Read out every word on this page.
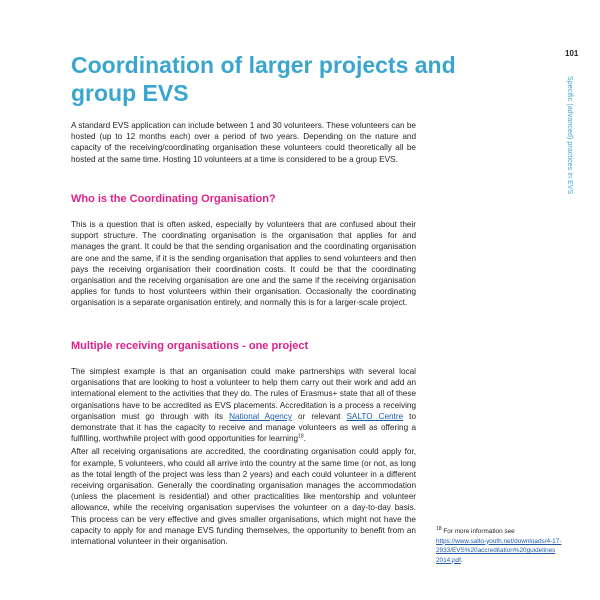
101
Specific (advanced) practices in EVS
Coordination of larger projects and group EVS

A standard EVS application can include between 1 and 30 volunteers. These volunteers can be hosted (up to 12 months each) over a period of two years. Depending on the nature and capacity of the receiving/coordinating organisation these volunteers could theoretically all be hosted at the same time. Hosting 10 volunteers at a time is considered to be a group EVS.

Who is the Coordinating Organisation?

This is a question that is often asked, especially by volunteers that are confused about their support structure. The coordinating organisation is the organisation that applies for and manages the grant. It could be that the sending organisation and the coordinating organisation are one and the same, if it is the sending organisation that applies to send volunteers and then pays the receiving organisation their coordination costs. It could be that the coordinating organisation and the receiving organisation are one and the same if the receiving organisation applies for funds to host volunteers within their organisation. Occasionally the coordinating organisation is a separate organisation entirely, and normally this is for a larger-scale project.

Multiple receiving organisations - one project

The simplest example is that an organisation could make partnerships with several local organisations that are looking to host a volunteer to help them carry out their work and add an international element to the activities that they do. The rules of Erasmus+ state that all of these organisations have to be accredited as EVS placements. Accreditation is a process a receiving organisation must go through with its National Agency or relevant SALTO Centre to demonstrate that it has the capacity to receive and manage volunteers as well as offering a fulfilling, worthwhile project with good opportunities for learning$^{18}$.

After all receiving organisations are accredited, the coordinating organisation could apply for, for example, 5 volunteers, who could all arrive into the country at the same time (or not, as long as the total length of the project was less than 2 years) and each could volunteer in a different receiving organisation. Generally the coordinating organisation manages the accommodation (unless the placement is residential) and other practicalities like mentorship and volunteer allowance, while the receiving organisation supervises the volunteer on a day-to-day basis. This process can be very effective and gives smaller organisations, which might not have the capacity to apply for and manage EVS funding themselves, the opportunity to benefit from an international volunteer in their organisation.

$^{18}$ For more information see
https://www.salto-youth.net/downloads/4-17-2933/EVS%20accreditation%20guidelines 2014.pdf.
